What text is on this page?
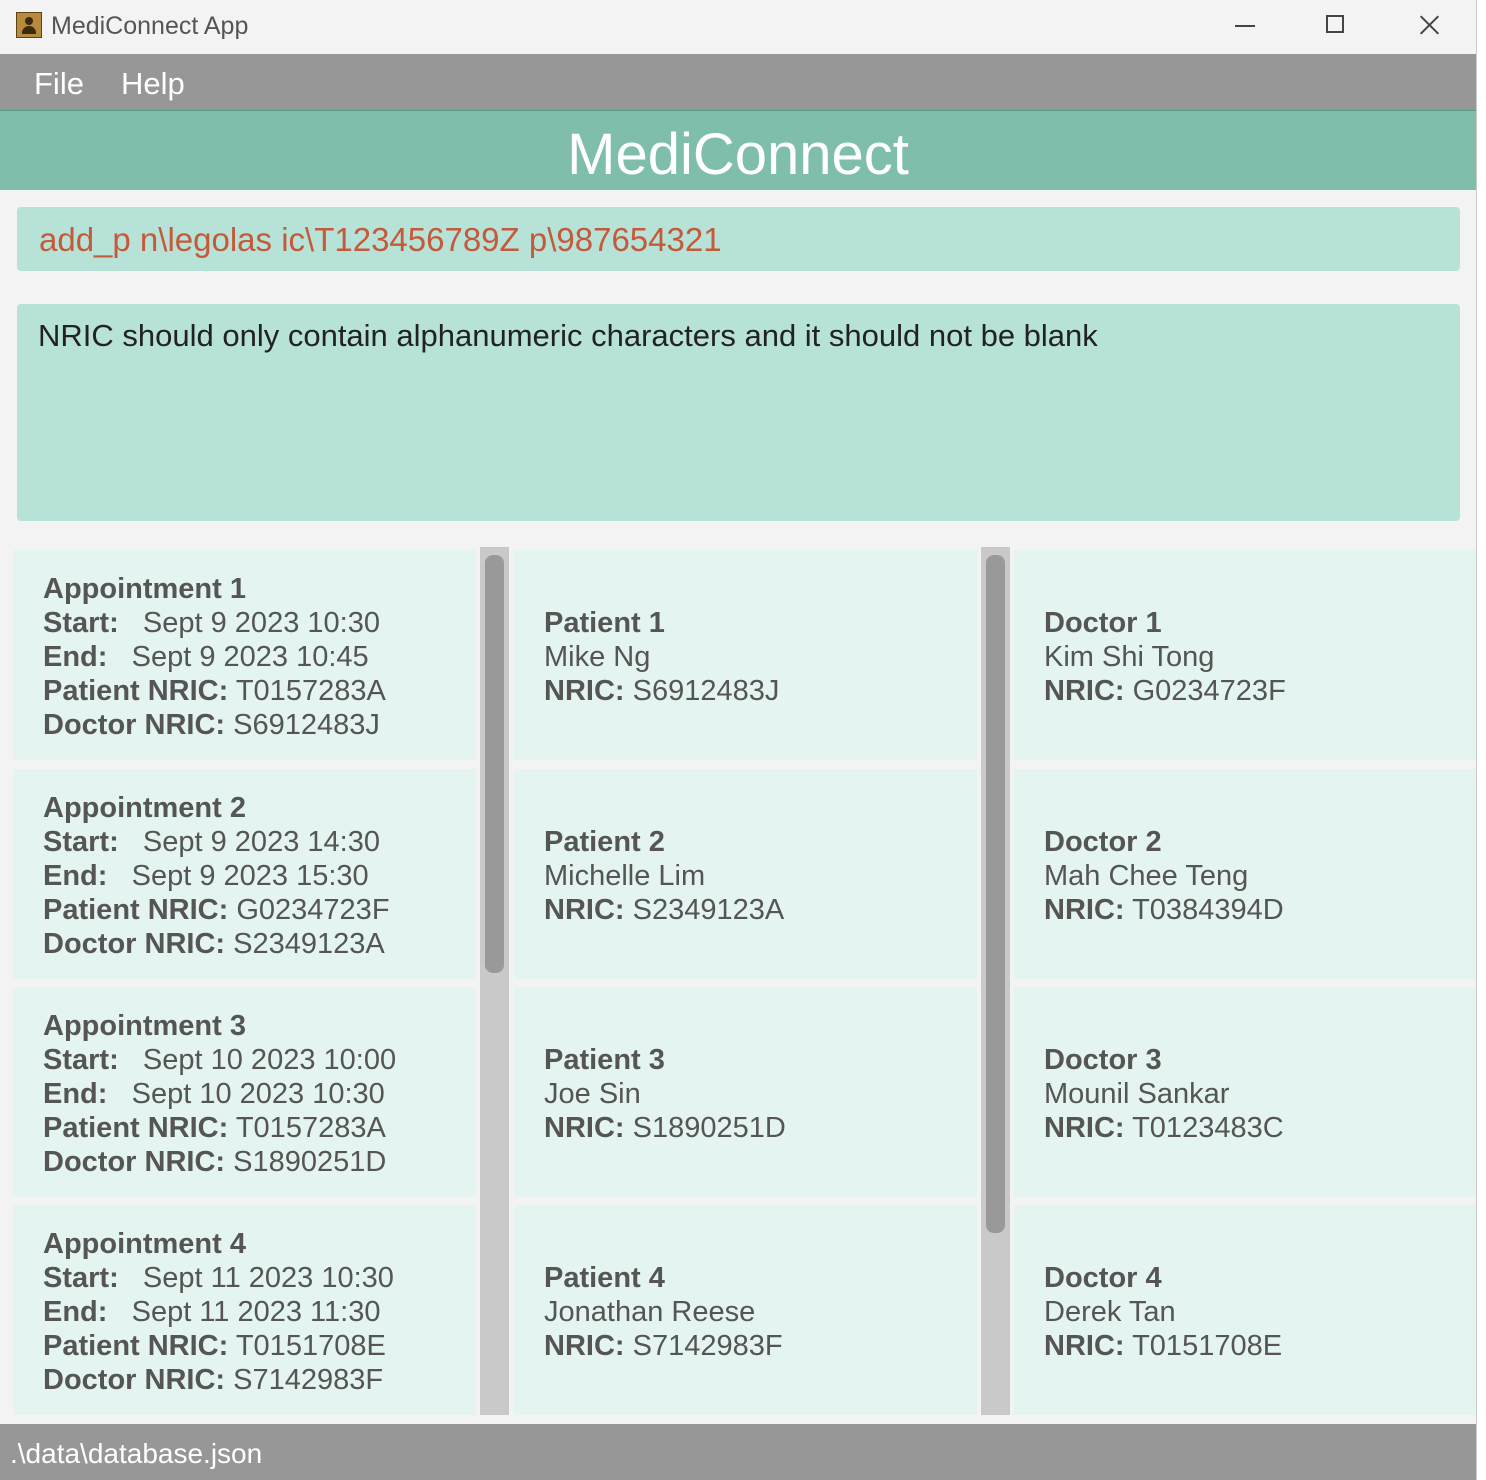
MediConnect App
File Help
MediConnect
add_p n\legolas ic\T123456789Z p\987654321
NRIC should only contain alphanumeric characters and it should not be blank
Appointment 1
Start: Sept 9 2023 10:30
End: Sept 9 2023 10:45
Patient NRIC: T0157283A
Doctor NRIC: S6912483J
Appointment 2
Start: Sept 9 2023 14:30
End: Sept 9 2023 15:30
Patient NRIC: G0234723F
Doctor NRIC: S2349123A
Appointment 3
Start: Sept 10 2023 10:00
End: Sept 10 2023 10:30
Patient NRIC: T0157283A
Doctor NRIC: S1890251D
Appointment 4
Start: Sept 11 2023 10:30
End: Sept 11 2023 11:30
Patient NRIC: T0151708E
Doctor NRIC: S7142983F
Patient 1
Mike Ng
NRIC: S6912483J
Patient 2
Michelle Lim
NRIC: S2349123A
Patient 3
Joe Sin
NRIC: S1890251D
Patient 4
Jonathan Reese
NRIC: S7142983F
Doctor 1
Kim Shi Tong
NRIC: G0234723F
Doctor 2
Mah Chee Teng
NRIC: T0384394D
Doctor 3
Mounil Sankar
NRIC: T0123483C
Doctor 4
Derek Tan
NRIC: T0151708E
.\data\database.json
